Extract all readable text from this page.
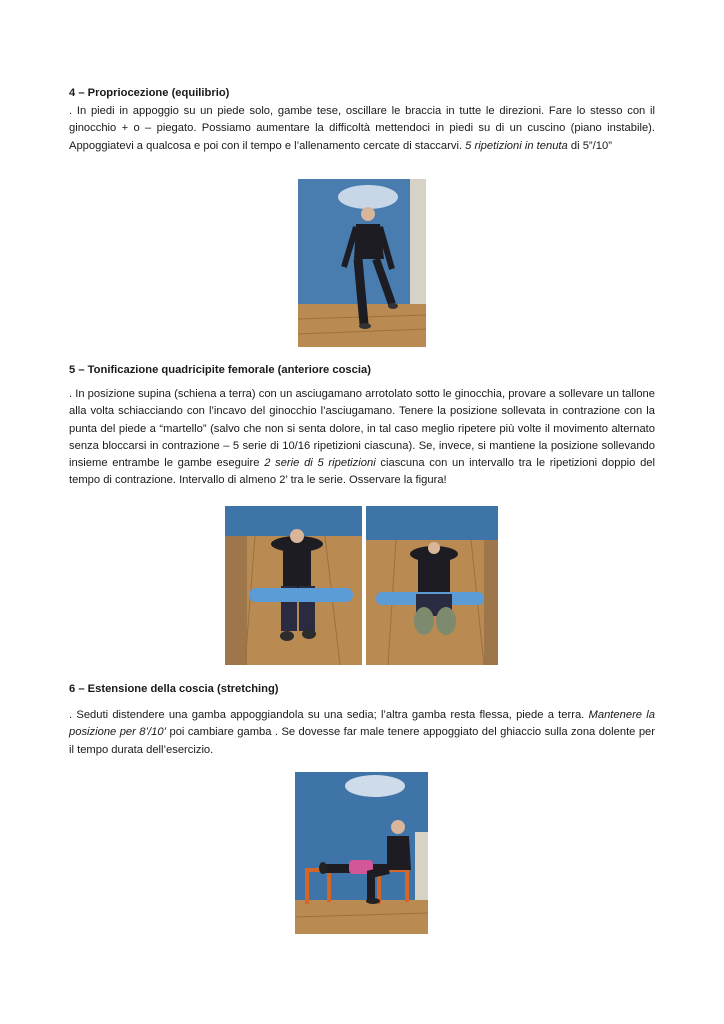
4 – Propriocezione (equilibrio)

. In piedi in appoggio su un piede solo, gambe tese, oscillare le braccia in tutte le direzioni. Fare lo stesso con il ginocchio + o – piegato. Possiamo aumentare la difficoltà mettendoci in piedi su di un cuscino (piano instabile). Appoggiatevi a qualcosa e poi con il tempo e l’allenamento cercate di staccarvi. 5 ripetizioni in tenuta di 5”/10”

5 – Tonificazione quadricipite femorale (anteriore coscia)

. In posizione supina (schiena a terra) con un asciugamano arrotolato sotto le ginocchia, provare a sollevare un tallone alla volta schiacciando con l’incavo del ginocchio l’asciugamano. Tenere la posizione sollevata in contrazione con la punta del piede a “martello” (salvo che non si senta dolore, in tal caso meglio ripetere più volte il movimento alternato senza bloccarsi in contrazione – 5 serie di 10/16 ripetizioni ciascuna). Se, invece, si mantiene la posizione sollevando insieme entrambe le gambe eseguire 2 serie di 5 ripetizioni ciascuna con un intervallo tra le ripetizioni doppio del tempo di contrazione. Intervallo di almeno 2’ tra le serie. Osservare la figura!

6 – Estensione della coscia (stretching)

. Seduti distendere una gamba appoggiandola su una sedia; l’altra gamba resta flessa, piede a terra. Mantenere la posizione per 8’/10’ poi cambiare gamba . Se dovesse far male tenere appoggiato del ghiaccio sulla zona dolente per il tempo durata dell’esercizio.
